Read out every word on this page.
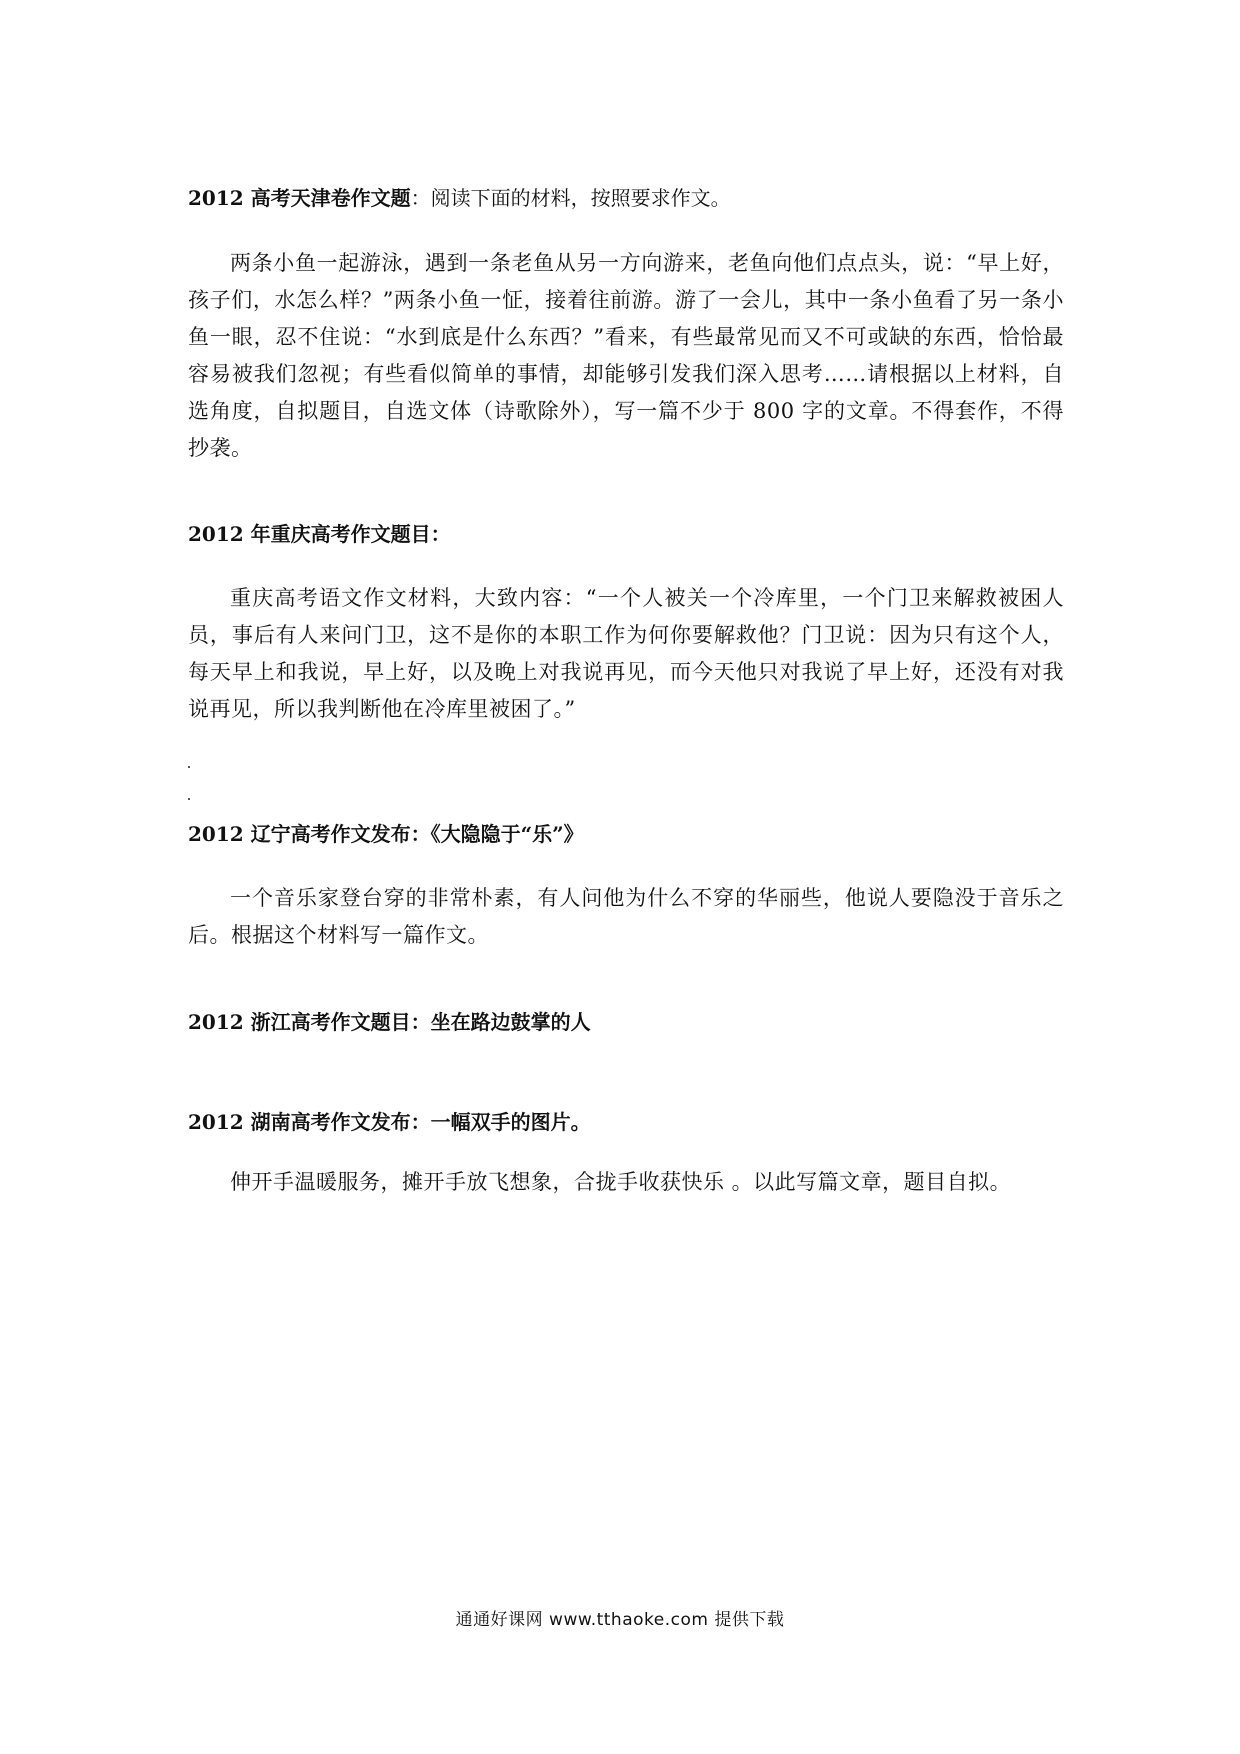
2012 高考天津卷作文题：阅读下面的材料，按照要求作文。
两条小鱼一起游泳，遇到一条老鱼从另一方向游来，老鱼向他们点点头，说：“早上好，孩子们，水怎么样？”两条小鱼一怔，接着往前游。游了一会儿，其中一条小鱼看了另一条小鱼一眼，忍不住说：“水到底是什么东西？”看来，有些最常见而又不可或缺的东西，恰恰最容易被我们忽视；有些看似简单的事情，却能够引发我们深入思考……请根据以上材料，自选角度，自拟题目，自选文体（诗歌除外），写一篇不少于 800 字的文章。不得套作，不得抄袭。
2012 年重庆高考作文题目：
重庆高考语文作文材料，大致内容：“一个人被关一个冷库里，一个门卫来解救被困人员，事后有人来问门卫，这不是你的本职工作为何你要解救他？门卫说：因为只有这个人，每天早上和我说，早上好，以及晚上对我说再见，而今天他只对我说了早上好，还没有对我说再见，所以我判断他在冷库里被困了。”
2012 辽宁高考作文发布：《大隐隐于“乐”》
一个音乐家登台穿的非常朴素，有人问他为什么不穿的华丽些，他说人要隐没于音乐之后。根据这个材料写一篇作文。
2012 浙江高考作文题目：坐在路边鼓掌的人
2012 湖南高考作文发布：一幅双手的图片。
伸开手温暖服务，摊开手放飞想象，合拢手收获快乐 。以此写篇文章，题目自拟。
通通好课网 www.tthaoke.com 提供下载
